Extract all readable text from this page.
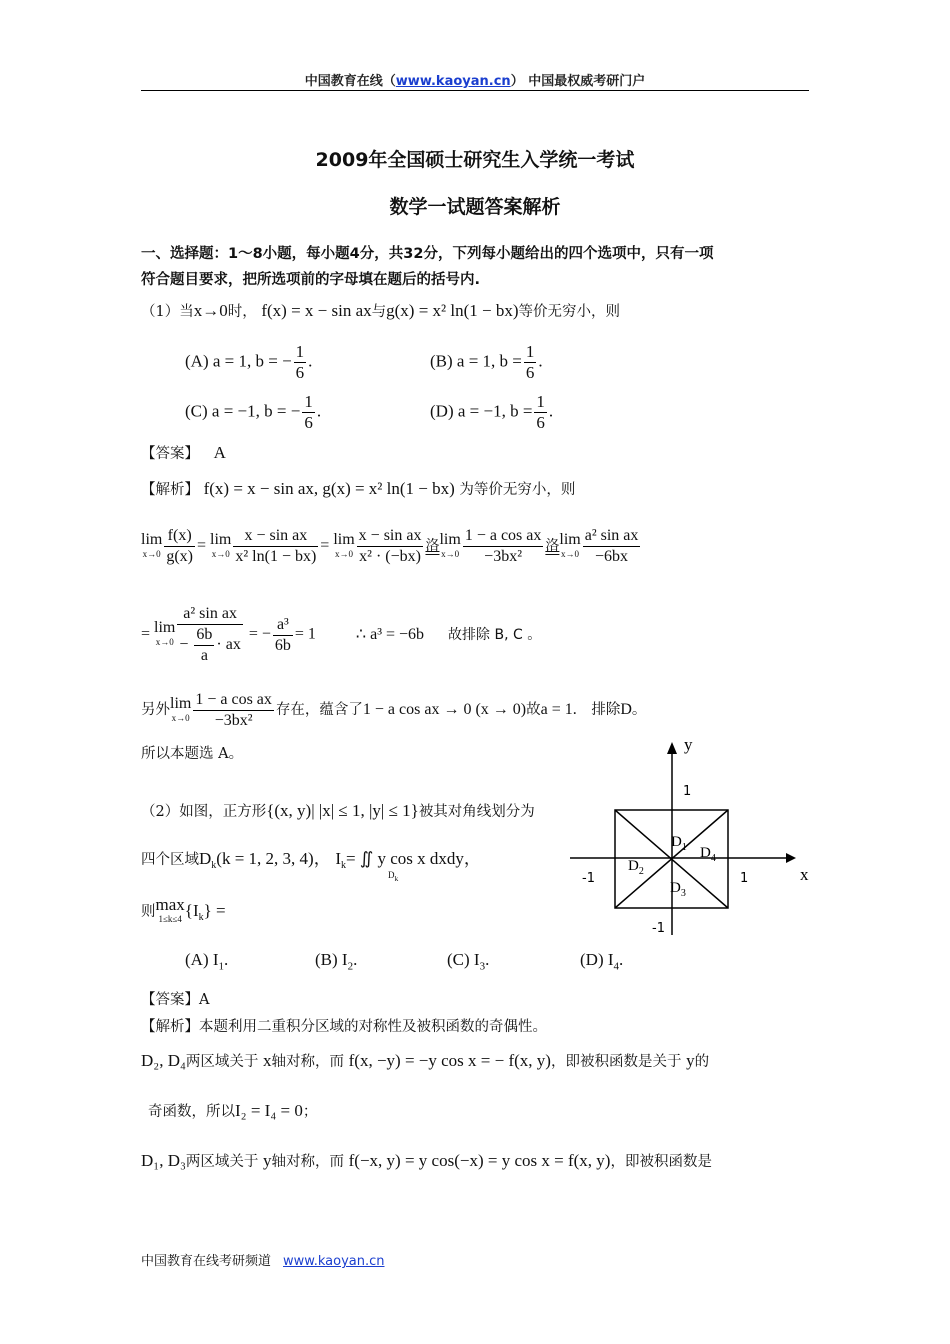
中国教育在线（www.kaoyan.cn） 中国最权威考研门户
2009年全国硕士研究生入学统一考试
数学一试题答案解析
一、选择题：1～8小题，每小题4分，共32分，下列每小题给出的四个选项中，只有一项
符合题目要求，把所选项前的字母填在题后的括号内.
（1）当x→0时， f(x) = x − sin ax与g(x) = x² ln(1 − bx)等价无穷小，则
(A) a = 1, b = − $\frac{1}{6}$ .	(B) a = 1, $b = \frac{1}{6}$ .
(C) a = −1, b = − $\frac{1}{6}$ .	(D) a = −1, $b = \frac{1}{6}$ .
【答案】 A
【解析】 f(x) = x − sin ax, g(x) = x² ln(1 − bx) 为等价无穷小，则
lim
$x\to 0 \frac{f(x)}{g(x)} = \lim$
$x\to 0 \frac{\text{x − sin ax}}{\text{x² ln(1 − bx)}} = \lim$
$x\to 0 \frac{\text{x − sin ax}}{\text{x² · (−bx)}}$ 洛lim
$x\to 0 \frac{\text{1 − a cos ax}}{\text{−3bx²}}$ 洛lim
$x\to 0 \frac{\text{a² sin ax}}{-6bx}$
= lim
$x\to 0 \frac{\text{a² sin ax}}{- \frac{6b}{a} \cdot ax}$ = − $\frac{\text{a³}}{6b} = 1$	∴ a³ = −6b 故排除 B, C 。
另外lim
$x\to 0 \frac{\text{1 − a cos ax}}{\text{−3bx²}}$ 存在，蕴含了1 − a cos ax → 0 (x → 0)故a = 1. 排除D。
所以本题选 A。
（2）如图，正方形{(x, y)| |x| ≤ 1, |y| ≤ 1}被其对角线划分为
四个区域$D_k(k = 1$, 2, 3, 4)， $I_k=$ ∬ y cos x dxdy，
$D_k$
则max
1≤k≤4 $\{I_k\}$ =
(A) $I_1$.	(B) $I_2$.	(C) $I_3$.	(D) $I_4$.
y
x
1
1
-1
-1
$D_1$
$D_2$
$D_3$
$D_4$
【答案】A
【解析】本题利用二重积分区域的对称性及被积函数的奇偶性。
D₂, D₄两区域关于 x轴对称，而 f(x, −y) = −y cos x = − f(x, y)，即被积函数是关于 y的
奇函数，所以I₂ = I₄ = 0；
D₁, D₃两区域关于 y轴对称，而 f(−x, y) = y cos(−x) = y cos x = f(x, y)，即被积函数是
中国教育在线考研频道 www.kaoyan.cn
